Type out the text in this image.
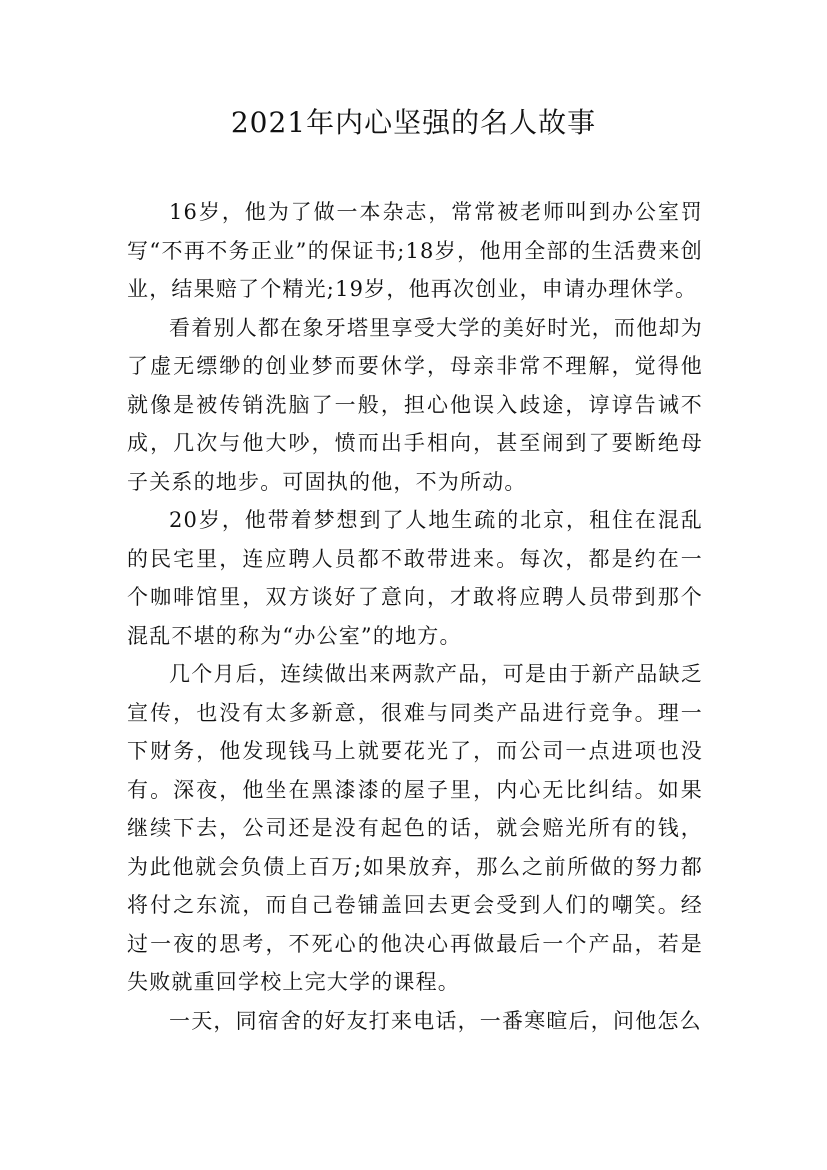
2021年内心坚强的名人故事

16岁，他为了做一本杂志，常常被老师叫到办公室罚写“不再不务正业”的保证书;18岁，他用全部的生活费来创业，结果赔了个精光;19岁，他再次创业，申请办理休学。

看着别人都在象牙塔里享受大学的美好时光，而他却为了虚无缥缈的创业梦而要休学，母亲非常不理解，觉得他就像是被传销洗脑了一般，担心他误入歧途，谆谆告诫不成，几次与他大吵，愤而出手相向，甚至闹到了要断绝母子关系的地步。可固执的他，不为所动。

20岁，他带着梦想到了人地生疏的北京，租住在混乱的民宅里，连应聘人员都不敢带进来。每次，都是约在一个咖啡馆里，双方谈好了意向，才敢将应聘人员带到那个混乱不堪的称为“办公室”的地方。

几个月后，连续做出来两款产品，可是由于新产品缺乏宣传，也没有太多新意，很难与同类产品进行竞争。理一下财务，他发现钱马上就要花光了，而公司一点进项也没有。深夜，他坐在黑漆漆的屋子里，内心无比纠结。如果继续下去，公司还是没有起色的话，就会赔光所有的钱，为此他就会负债上百万;如果放弃，那么之前所做的努力都将付之东流，而自己卷铺盖回去更会受到人们的嘲笑。经过一夜的思考，不死心的他决心再做最后一个产品，若是失败就重回学校上完大学的课程。

一天，同宿舍的好友打来电话，一番寒暄后，问他怎么
